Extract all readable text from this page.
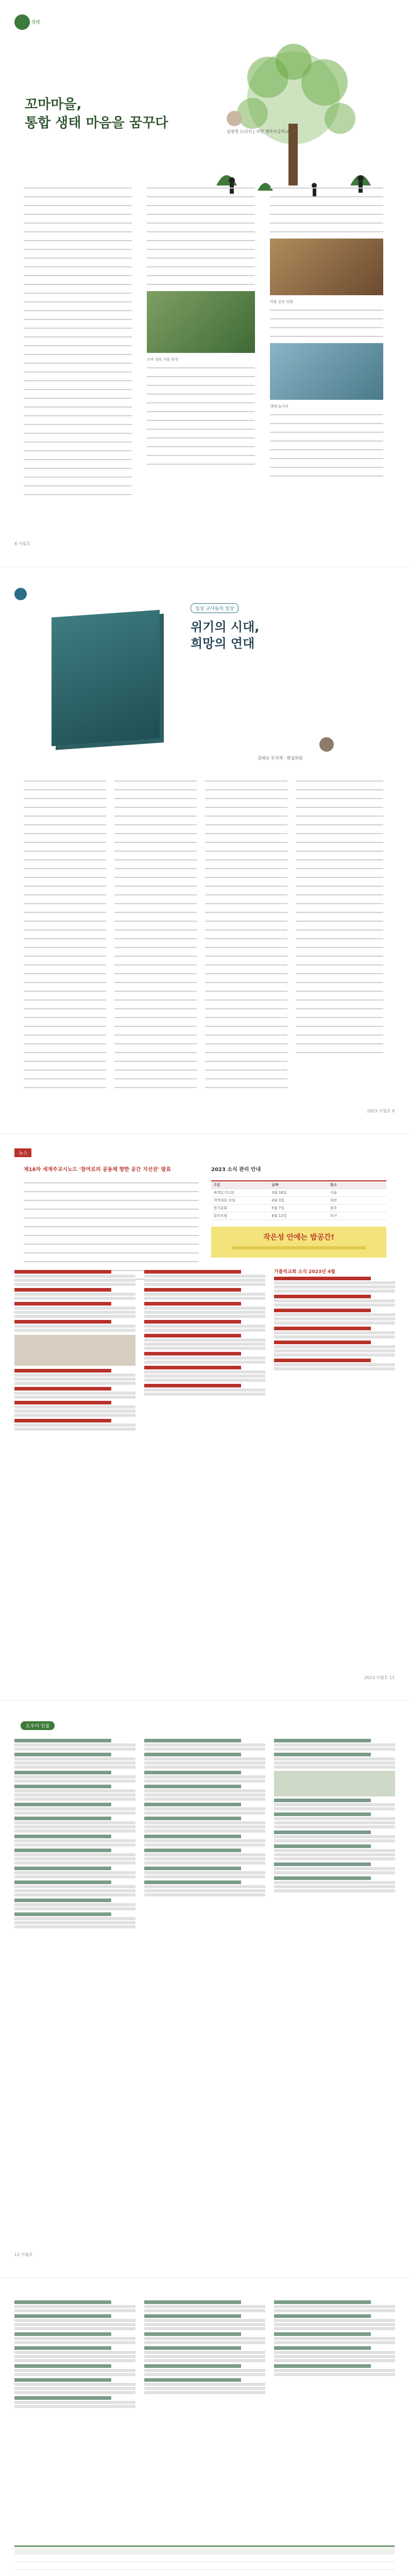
생태
꼬마마을,
통합 생태 마음을 꿈꾸다
김광천 노다지 | 자연 행복마을학교장
꼬마 정원 가을 풍경
마을 공동 텃밭
생태 놀이터
8 사월호
일상 교사들의 일상
위기의 시대,
희망의 연대
김태규 무지개 · 편집위원
2023 사월호 9
뉴스
제18차 세계주교시노드 '참여로의 공동체 향한 공간 지선권' 발표	2023 소식 관리 안내
구분	날짜	장소
세계일기도회	3월 16일	서울
지역대표 모임	4월 3일	대전
정기총회	5월 7일	광주
결산모임	6월 12일	부산
작은성 안에는 밥공간!
가톨릭교회 소식 2023년 4월
2023 사월호 11
도우미 인물
12 사월호
